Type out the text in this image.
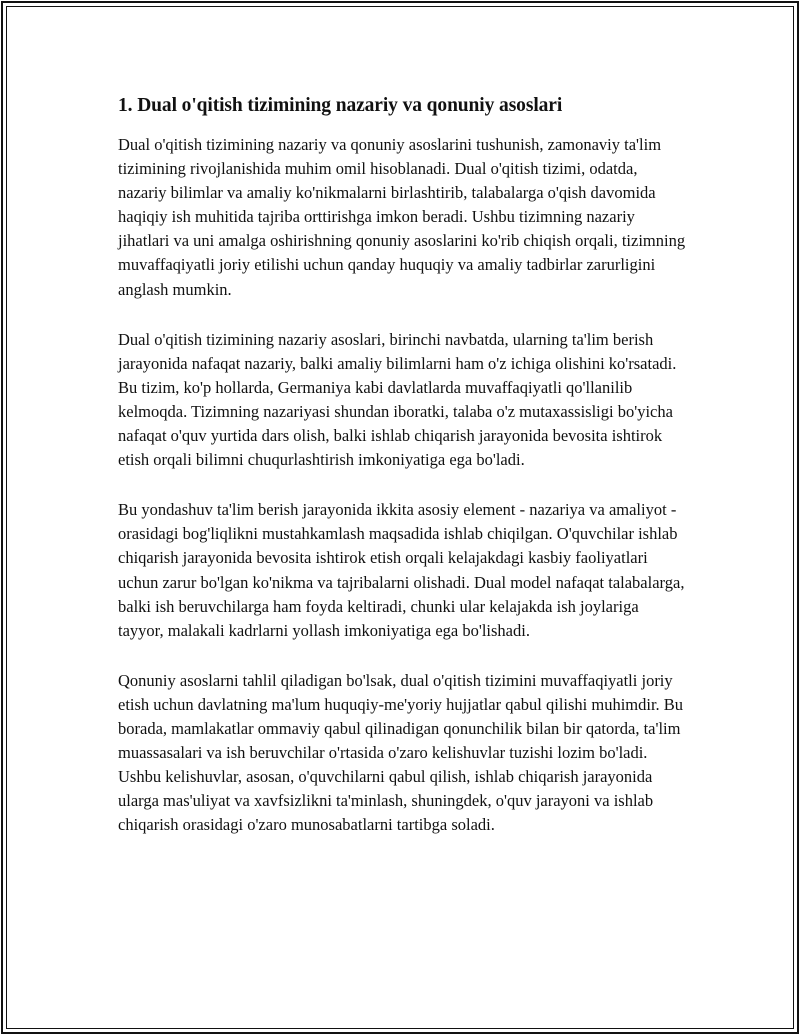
1. Dual o'qitish tizimining nazariy va qonuniy asoslari

Dual o'qitish tizimining nazariy va qonuniy asoslarini tushunish, zamonaviy ta'lim tizimining rivojlanishida muhim omil hisoblanadi. Dual o'qitish tizimi, odatda, nazariy bilimlar va amaliy ko'nikmalarni birlashtirib, talabalarga o'qish davomida haqiqiy ish muhitida tajriba orttirishga imkon beradi. Ushbu tizimning nazariy jihatlari va uni amalga oshirishning qonuniy asoslarini ko'rib chiqish orqali, tizimning muvaffaqiyatli joriy etilishi uchun qanday huquqiy va amaliy tadbirlar zarurligini anglash mumkin.

Dual o'qitish tizimining nazariy asoslari, birinchi navbatda, ularning ta'lim berish jarayonida nafaqat nazariy, balki amaliy bilimlarni ham o'z ichiga olishini ko'rsatadi. Bu tizim, ko'p hollarda, Germaniya kabi davlatlarda muvaffaqiyatli qo'llanilib kelmoqda. Tizimning nazariyasi shundan iboratki, talaba o'z mutaxassisligi bo'yicha nafaqat o'quv yurtida dars olish, balki ishlab chiqarish jarayonida bevosita ishtirok etish orqali bilimni chuqurlashtirish imkoniyatiga ega bo'ladi.

Bu yondashuv ta'lim berish jarayonida ikkita asosiy element - nazariya va amaliyot - orasidagi bog'liqlikni mustahkamlash maqsadida ishlab chiqilgan. O'quvchilar ishlab chiqarish jarayonida bevosita ishtirok etish orqali kelajakdagi kasbiy faoliyatlari uchun zarur bo'lgan ko'nikma va tajribalarni olishadi. Dual model nafaqat talabalarga, balki ish beruvchilarga ham foyda keltiradi, chunki ular kelajakda ish joylariga tayyor, malakali kadrlarni yollash imkoniyatiga ega bo'lishadi.

Qonuniy asoslarni tahlil qiladigan bo'lsak, dual o'qitish tizimini muvaffaqiyatli joriy etish uchun davlatning ma'lum huquqiy-me'yoriy hujjatlar qabul qilishi muhimdir. Bu borada, mamlakatlar ommaviy qabul qilinadigan qonunchilik bilan bir qatorda, ta'lim muassasalari va ish beruvchilar o'rtasida o'zaro kelishuvlar tuzishi lozim bo'ladi. Ushbu kelishuvlar, asosan, o'quvchilarni qabul qilish, ishlab chiqarish jarayonida ularga mas'uliyat va xavfsizlikni ta'minlash, shuningdek, o'quv jarayoni va ishlab chiqarish orasidagi o'zaro munosabatlarni tartibga soladi.
